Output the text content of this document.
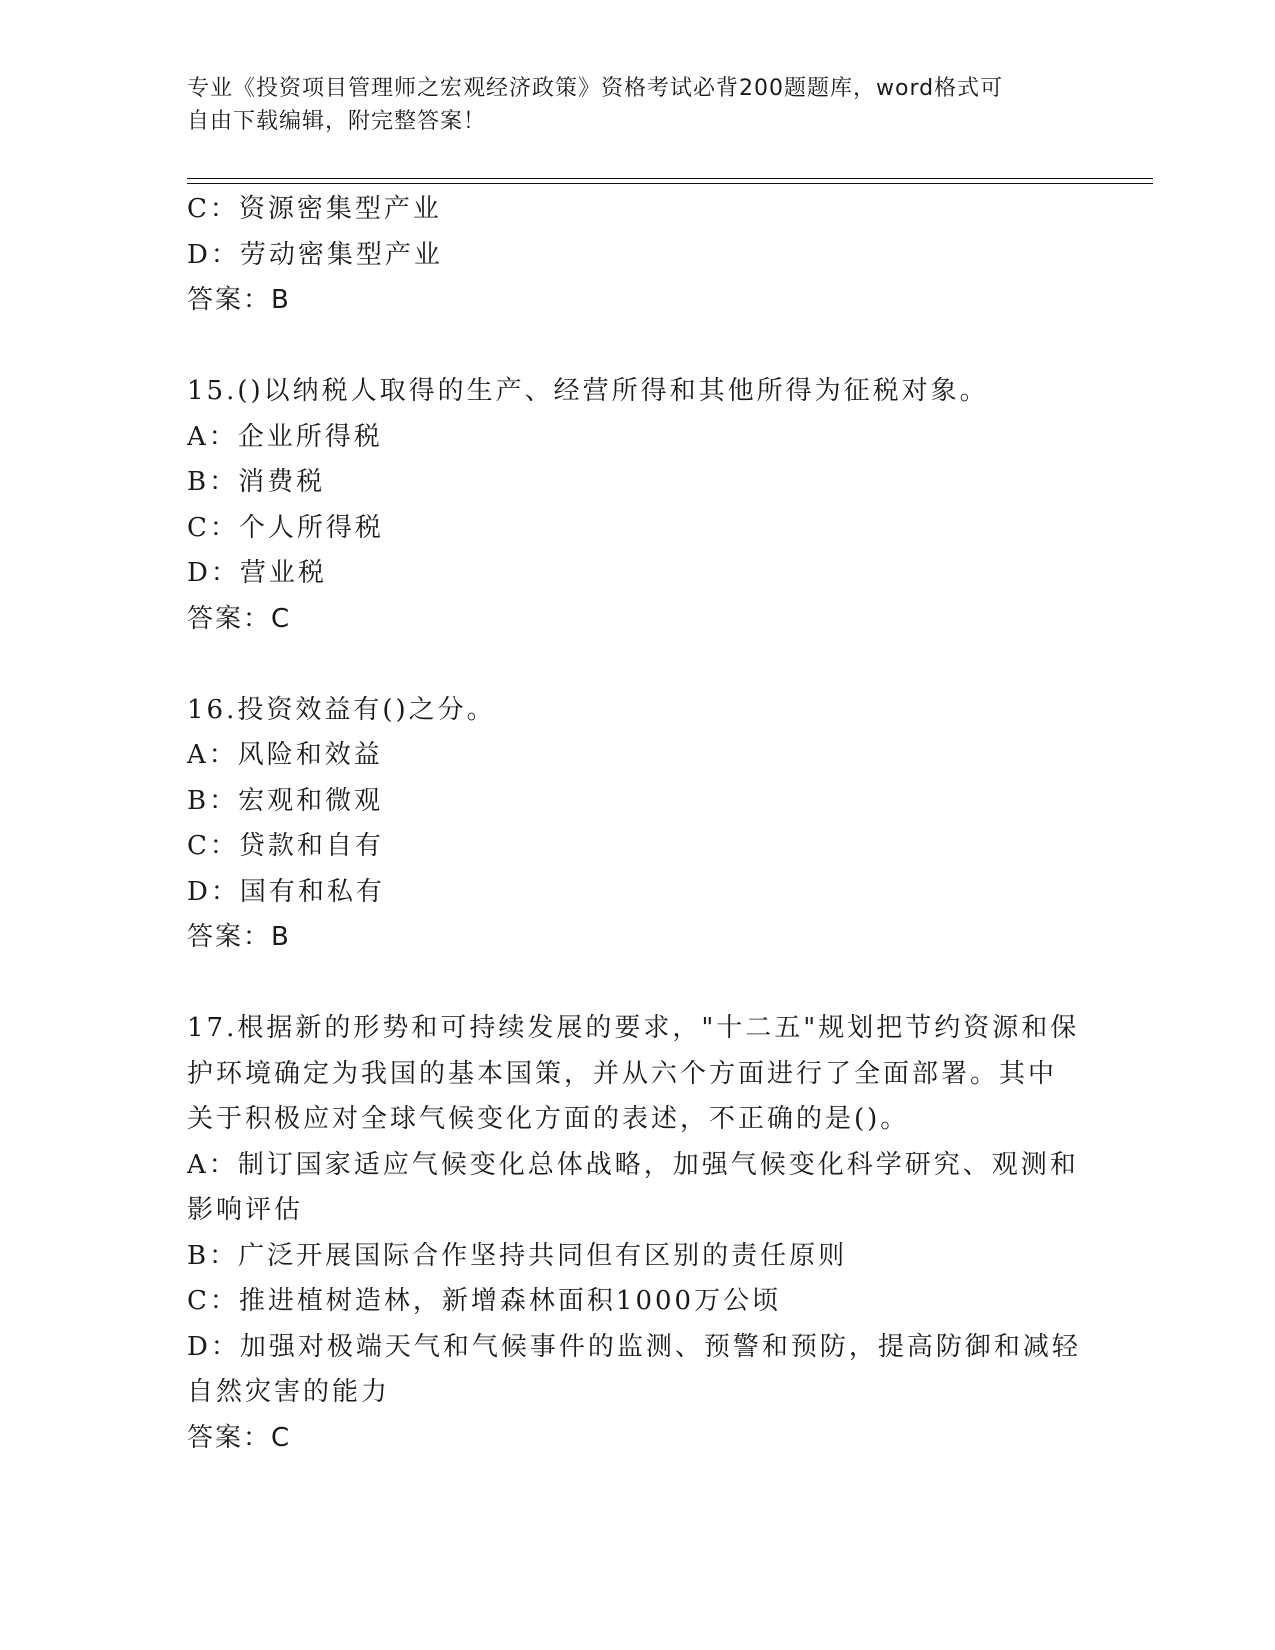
专业《投资项目管理师之宏观经济政策》资格考试必背200题题库，word格式可
自由下载编辑，附完整答案！
C：资源密集型产业
D：劳动密集型产业
答案：B
15.()以纳税人取得的生产、经营所得和其他所得为征税对象。
A：企业所得税
B：消费税
C：个人所得税
D：营业税
答案：C
16.投资效益有()之分。
A：风险和效益
B：宏观和微观
C：贷款和自有
D：国有和私有
答案：B
17.根据新的形势和可持续发展的要求，"十二五"规划把节约资源和保
护环境确定为我国的基本国策，并从六个方面进行了全面部署。其中
关于积极应对全球气候变化方面的表述，不正确的是()。
A：制订国家适应气候变化总体战略，加强气候变化科学研究、观测和
影响评估
B：广泛开展国际合作坚持共同但有区别的责任原则
C：推进植树造林，新增森林面积1000万公顷
D：加强对极端天气和气候事件的监测、预警和预防，提高防御和减轻
自然灾害的能力
答案：C
